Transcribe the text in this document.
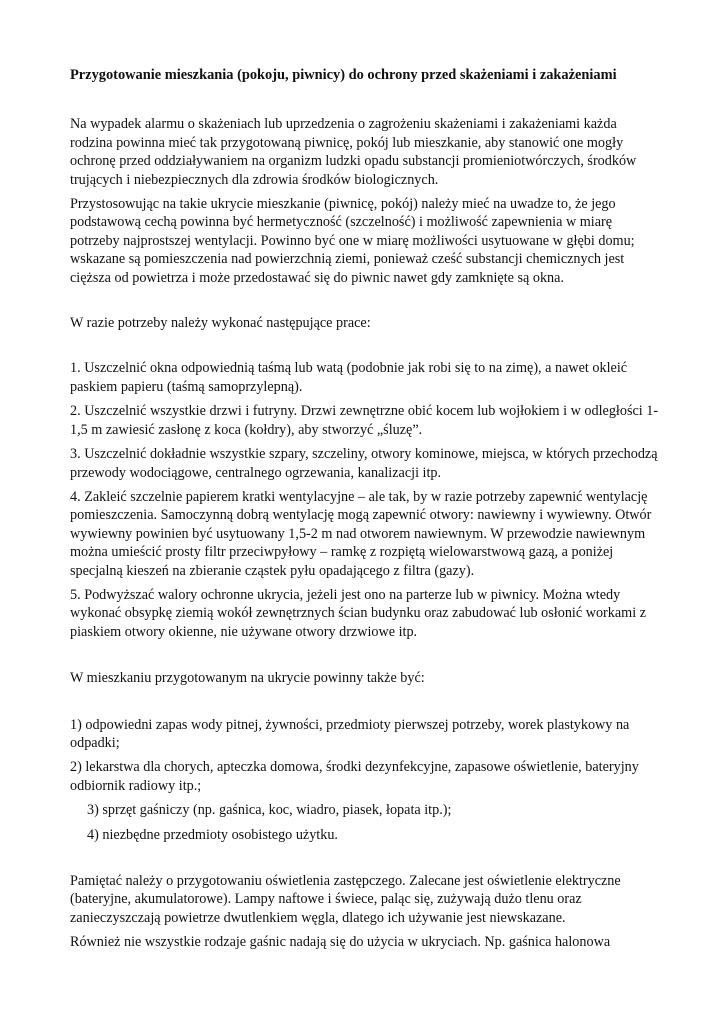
Przygotowanie mieszkania (pokoju, piwnicy) do ochrony przed skażeniami i zakażeniami

Na wypadek alarmu o skażeniach lub uprzedzenia o zagrożeniu skażeniami i zakażeniami każda rodzina powinna mieć tak przygotowaną piwnicę, pokój lub mieszkanie, aby stanowić one mogły ochronę przed oddziaływaniem na organizm ludzki opadu substancji promieniotwórczych, środków trujących i niebezpiecznych dla zdrowia środków biologicznych.

Przystosowując na takie ukrycie mieszkanie (piwnicę, pokój) należy mieć na uwadze to, że jego podstawową cechą powinna być hermetyczność (szczelność) i możliwość zapewnienia w miarę potrzeby najprostszej wentylacji. Powinno być one w miarę możliwości usytuowane w głębi domu; wskazane są pomieszczenia nad powierzchnią ziemi, ponieważ cześć substancji chemicznych jest cięższa od powietrza i może przedostawać się do piwnic nawet gdy zamknięte są okna.

W razie potrzeby należy wykonać następujące prace:

1. Uszczelnić okna odpowiednią taśmą lub watą (podobnie jak robi się to na zimę), a nawet okleić paskiem papieru (taśmą samoprzylepną).

2. Uszczelnić wszystkie drzwi i futryny. Drzwi zewnętrzne obić kocem lub wojłokiem i w odległości 1-1,5 m zawiesić zasłonę z koca (kołdry), aby stworzyć „śluzę”.

3. Uszczelnić dokładnie wszystkie szpary, szczeliny, otwory kominowe, miejsca, w których przechodzą przewody wodociągowe, centralnego ogrzewania, kanalizacji itp.

4. Zakleić szczelnie papierem kratki wentylacyjne – ale tak, by w razie potrzeby zapewnić wentylację pomieszczenia. Samoczynną dobrą wentylację mogą zapewnić otwory: nawiewny i wywiewny. Otwór wywiewny powinien być usytuowany 1,5-2 m nad otworem nawiewnym. W przewodzie nawiewnym można umieścić prosty filtr przeciwpyłowy – ramkę z rozpiętą wielowarstwową gazą, a poniżej specjalną kieszeń na zbieranie cząstek pyłu opadającego z filtra (gazy).

5. Podwyższać walory ochronne ukrycia, jeżeli jest ono na parterze lub w piwnicy. Można wtedy wykonać obsypkę ziemią wokół zewnętrznych ścian budynku oraz zabudować lub osłonić workami z piaskiem otwory okienne, nie używane otwory drzwiowe itp.

W mieszkaniu przygotowanym na ukrycie powinny także być:

1) odpowiedni zapas wody pitnej, żywności, przedmioty pierwszej potrzeby, worek plastykowy na odpadki;

2) lekarstwa dla chorych, apteczka domowa, środki dezynfekcyjne, zapasowe oświetlenie, bateryjny odbiornik radiowy itp.;

3) sprzęt gaśniczy (np. gaśnica, koc, wiadro, piasek, łopata itp.);

4) niezbędne przedmioty osobistego użytku.

Pamiętać należy o przygotowaniu oświetlenia zastępczego. Zalecane jest oświetlenie elektryczne (bateryjne, akumulatorowe). Lampy naftowe i świece, paląc się, zużywają dużo tlenu oraz zanieczyszczają powietrze dwutlenkiem węgla, dlatego ich używanie jest niewskazane.

Również nie wszystkie rodzaje gaśnic nadają się do użycia w ukryciach. Np. gaśnica halonowa
